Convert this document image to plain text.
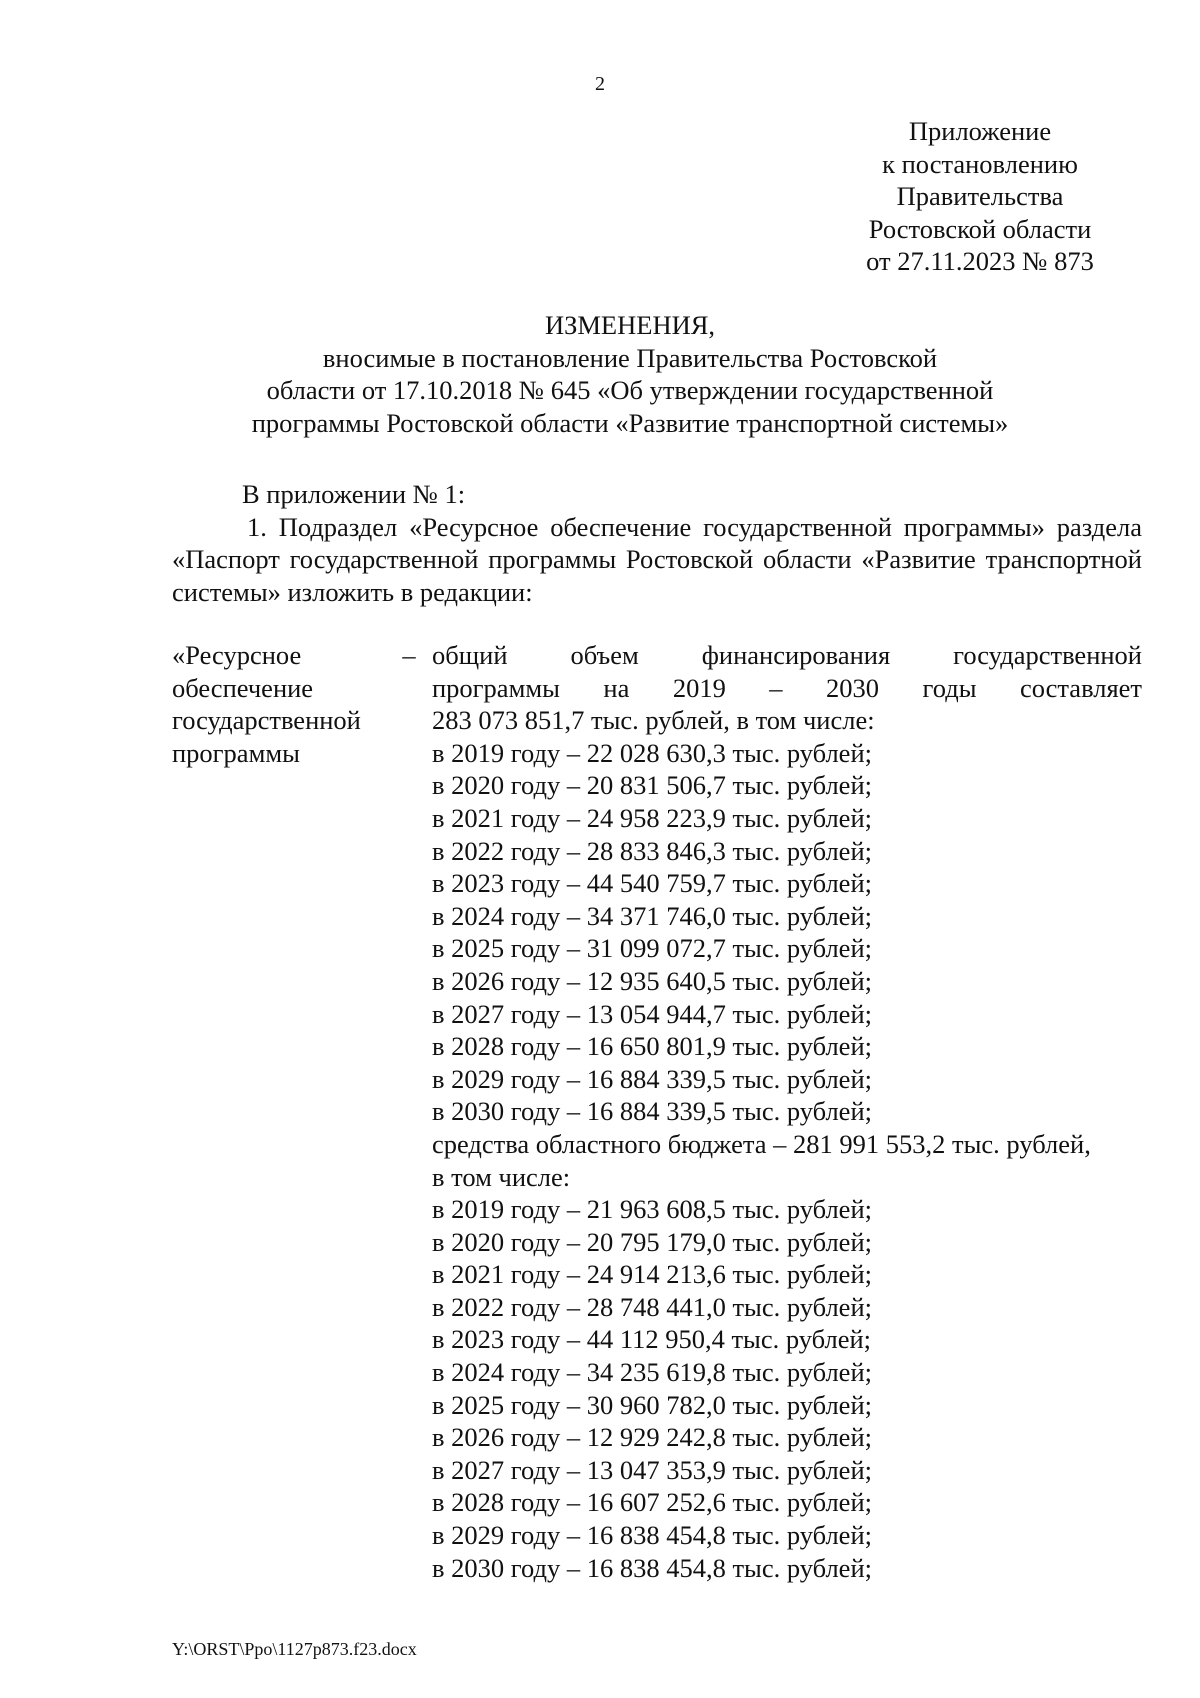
2
Приложение
к постановлению
Правительства
Ростовской области
от 27.11.2023 № 873
ИЗМЕНЕНИЯ,
вносимые в постановление Правительства Ростовской
области от 17.10.2018 № 645 «Об утверждении государственной
программы Ростовской области «Развитие транспортной системы»
В приложении № 1:
1. Подраздел «Ресурсное обеспечение государственной программы» раздела «Паспорт государственной программы Ростовской области «Развитие транспортной системы» изложить в редакции:
«Ресурсное
обеспечение
государственной
программы
– общий объем финансирования государственной
программы на 2019 – 2030 годы составляет
283 073 851,7 тыс. рублей, в том числе:
в 2019 году – 22 028 630,3 тыс. рублей;
в 2020 году – 20 831 506,7 тыс. рублей;
в 2021 году – 24 958 223,9 тыс. рублей;
в 2022 году – 28 833 846,3 тыс. рублей;
в 2023 году – 44 540 759,7 тыс. рублей;
в 2024 году – 34 371 746,0 тыс. рублей;
в 2025 году – 31 099 072,7 тыс. рублей;
в 2026 году – 12 935 640,5 тыс. рублей;
в 2027 году – 13 054 944,7 тыс. рублей;
в 2028 году – 16 650 801,9 тыс. рублей;
в 2029 году – 16 884 339,5 тыс. рублей;
в 2030 году – 16 884 339,5 тыс. рублей;
средства областного бюджета – 281 991 553,2 тыс. рублей,
в том числе:
в 2019 году – 21 963 608,5 тыс. рублей;
в 2020 году – 20 795 179,0 тыс. рублей;
в 2021 году – 24 914 213,6 тыс. рублей;
в 2022 году – 28 748 441,0 тыс. рублей;
в 2023 году – 44 112 950,4 тыс. рублей;
в 2024 году – 34 235 619,8 тыс. рублей;
в 2025 году – 30 960 782,0 тыс. рублей;
в 2026 году – 12 929 242,8 тыс. рублей;
в 2027 году – 13 047 353,9 тыс. рублей;
в 2028 году – 16 607 252,6 тыс. рублей;
в 2029 году – 16 838 454,8 тыс. рублей;
в 2030 году – 16 838 454,8 тыс. рублей;
Y:\ORST\Ppo\1127p873.f23.docx
